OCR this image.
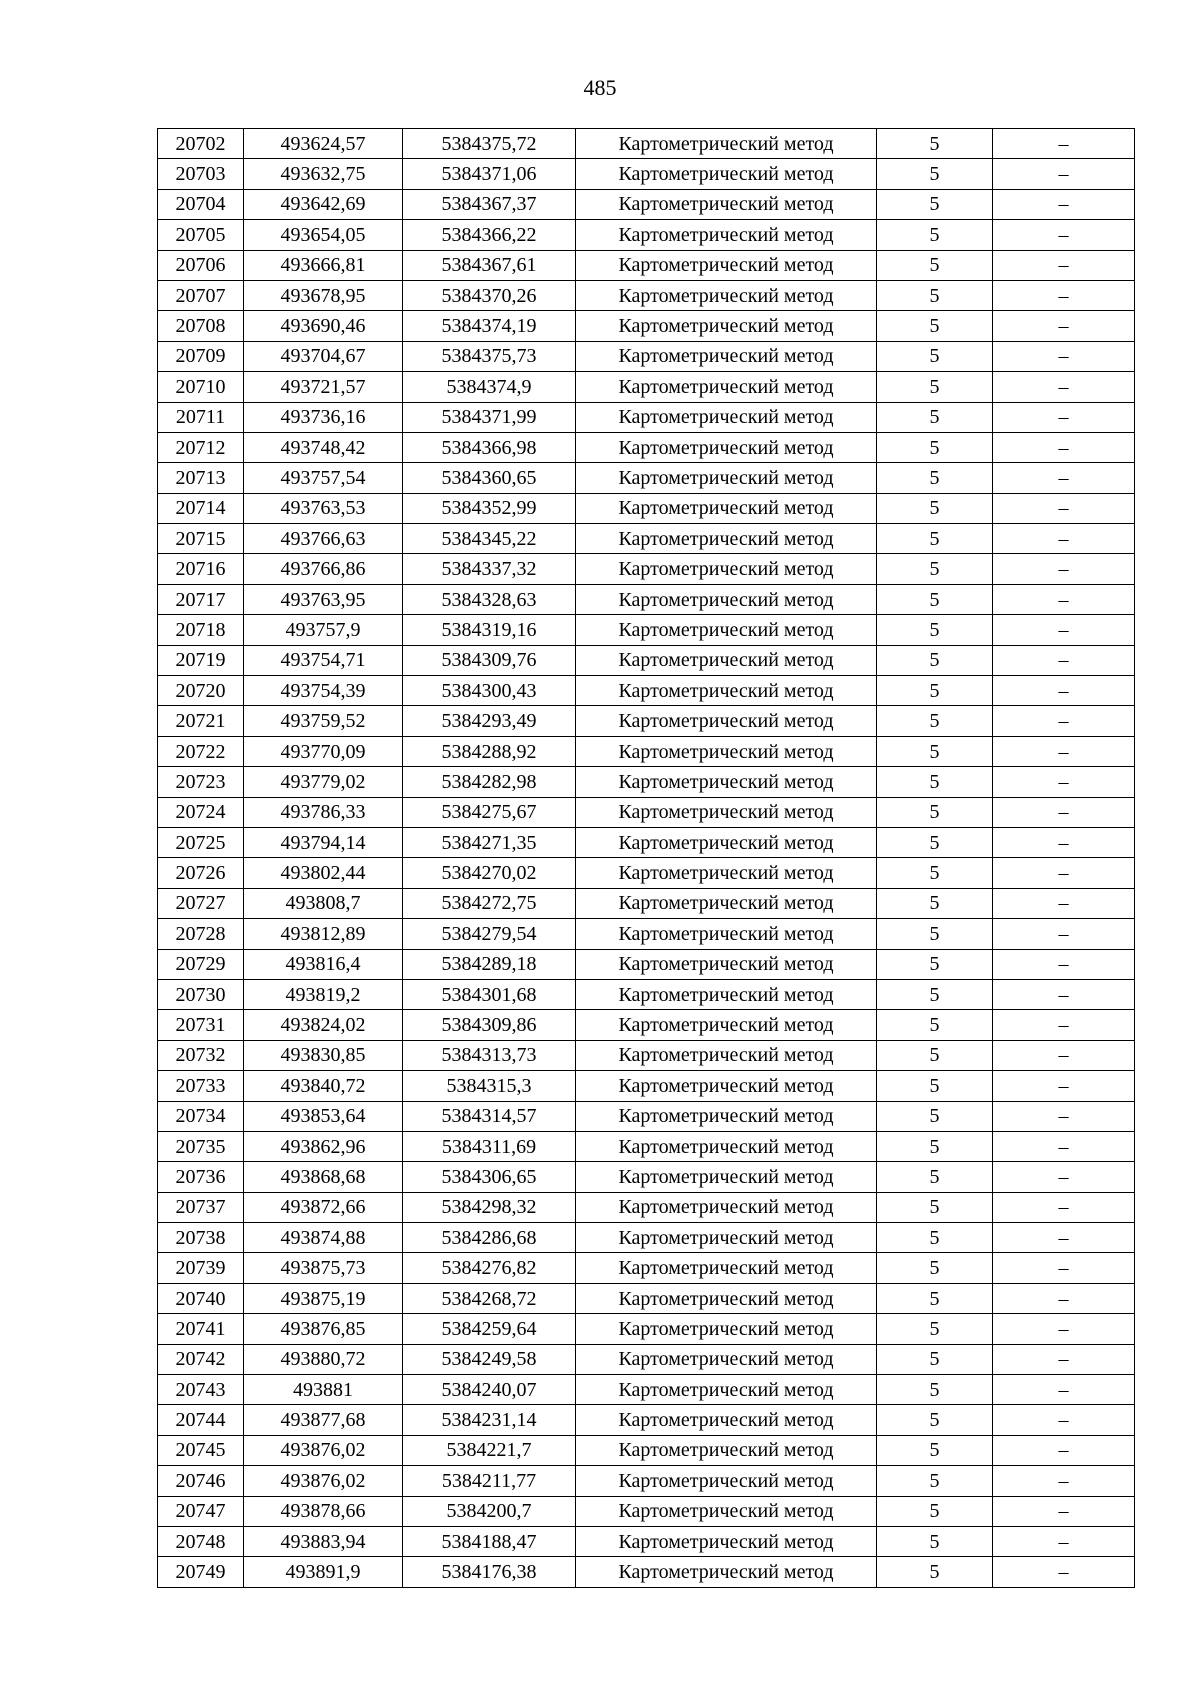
485
20702	493624,57	5384375,72	Картометрический метод	5	–
20703	493632,75	5384371,06	Картометрический метод	5	–
20704	493642,69	5384367,37	Картометрический метод	5	–
20705	493654,05	5384366,22	Картометрический метод	5	–
20706	493666,81	5384367,61	Картометрический метод	5	–
20707	493678,95	5384370,26	Картометрический метод	5	–
20708	493690,46	5384374,19	Картометрический метод	5	–
20709	493704,67	5384375,73	Картометрический метод	5	–
20710	493721,57	5384374,9	Картометрический метод	5	–
20711	493736,16	5384371,99	Картометрический метод	5	–
20712	493748,42	5384366,98	Картометрический метод	5	–
20713	493757,54	5384360,65	Картометрический метод	5	–
20714	493763,53	5384352,99	Картометрический метод	5	–
20715	493766,63	5384345,22	Картометрический метод	5	–
20716	493766,86	5384337,32	Картометрический метод	5	–
20717	493763,95	5384328,63	Картометрический метод	5	–
20718	493757,9	5384319,16	Картометрический метод	5	–
20719	493754,71	5384309,76	Картометрический метод	5	–
20720	493754,39	5384300,43	Картометрический метод	5	–
20721	493759,52	5384293,49	Картометрический метод	5	–
20722	493770,09	5384288,92	Картометрический метод	5	–
20723	493779,02	5384282,98	Картометрический метод	5	–
20724	493786,33	5384275,67	Картометрический метод	5	–
20725	493794,14	5384271,35	Картометрический метод	5	–
20726	493802,44	5384270,02	Картометрический метод	5	–
20727	493808,7	5384272,75	Картометрический метод	5	–
20728	493812,89	5384279,54	Картометрический метод	5	–
20729	493816,4	5384289,18	Картометрический метод	5	–
20730	493819,2	5384301,68	Картометрический метод	5	–
20731	493824,02	5384309,86	Картометрический метод	5	–
20732	493830,85	5384313,73	Картометрический метод	5	–
20733	493840,72	5384315,3	Картометрический метод	5	–
20734	493853,64	5384314,57	Картометрический метод	5	–
20735	493862,96	5384311,69	Картометрический метод	5	–
20736	493868,68	5384306,65	Картометрический метод	5	–
20737	493872,66	5384298,32	Картометрический метод	5	–
20738	493874,88	5384286,68	Картометрический метод	5	–
20739	493875,73	5384276,82	Картометрический метод	5	–
20740	493875,19	5384268,72	Картометрический метод	5	–
20741	493876,85	5384259,64	Картометрический метод	5	–
20742	493880,72	5384249,58	Картометрический метод	5	–
20743	493881	5384240,07	Картометрический метод	5	–
20744	493877,68	5384231,14	Картометрический метод	5	–
20745	493876,02	5384221,7	Картометрический метод	5	–
20746	493876,02	5384211,77	Картометрический метод	5	–
20747	493878,66	5384200,7	Картометрический метод	5	–
20748	493883,94	5384188,47	Картометрический метод	5	–
20749	493891,9	5384176,38	Картометрический метод	5	–
